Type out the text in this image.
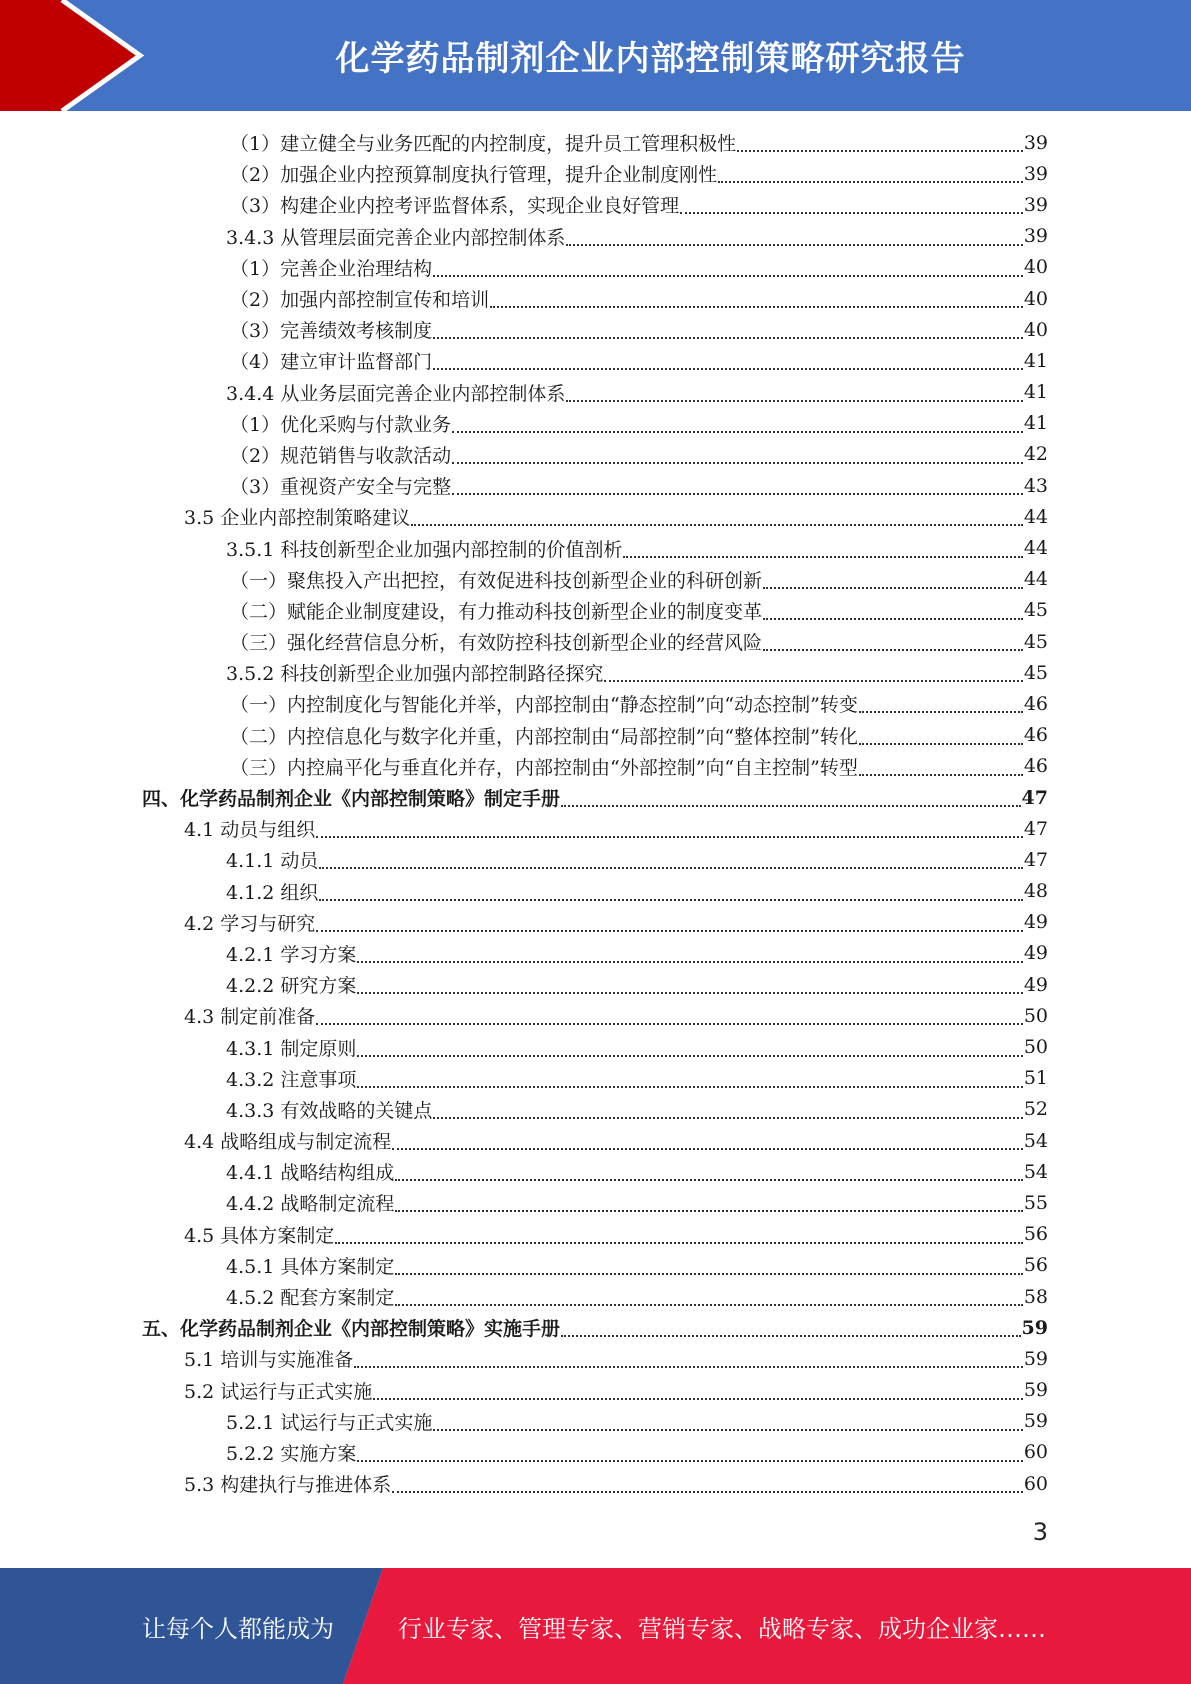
化学药品制剂企业内部控制策略研究报告
（1）建立健全与业务匹配的内控制度，提升员工管理积极性	39
（2）加强企业内控预算制度执行管理，提升企业制度刚性	39
（3）构建企业内控考评监督体系，实现企业良好管理	39
3.4.3 从管理层面完善企业内部控制体系	39
（1）完善企业治理结构	40
（2）加强内部控制宣传和培训	40
（3）完善绩效考核制度	40
（4）建立审计监督部门	41
3.4.4 从业务层面完善企业内部控制体系	41
（1）优化采购与付款业务	41
（2）规范销售与收款活动	42
（3）重视资产安全与完整	43
3.5 企业内部控制策略建议	44
3.5.1 科技创新型企业加强内部控制的价值剖析	44
（一）聚焦投入产出把控，有效促进科技创新型企业的科研创新	44
（二）赋能企业制度建设，有力推动科技创新型企业的制度变革	45
（三）强化经营信息分析，有效防控科技创新型企业的经营风险	45
3.5.2 科技创新型企业加强内部控制路径探究	45
（一）内控制度化与智能化并举，内部控制由“静态控制”向“动态控制”转变	46
（二）内控信息化与数字化并重，内部控制由“局部控制”向“整体控制”转化	46
（三）内控扁平化与垂直化并存，内部控制由“外部控制”向“自主控制”转型	46
四、化学药品制剂企业《内部控制策略》制定手册	47
4.1 动员与组织	47
4.1.1 动员	47
4.1.2 组织	48
4.2 学习与研究	49
4.2.1 学习方案	49
4.2.2 研究方案	49
4.3 制定前准备	50
4.3.1 制定原则	50
4.3.2 注意事项	51
4.3.3 有效战略的关键点	52
4.4 战略组成与制定流程	54
4.4.1 战略结构组成	54
4.4.2 战略制定流程	55
4.5 具体方案制定	56
4.5.1 具体方案制定	56
4.5.2 配套方案制定	58
五、化学药品制剂企业《内部控制策略》实施手册	59
5.1 培训与实施准备	59
5.2 试运行与正式实施	59
5.2.1 试运行与正式实施	59
5.2.2 实施方案	60
5.3 构建执行与推进体系	60
3
让每个人都能成为	行业专家、管理专家、营销专家、战略专家、成功企业家……
